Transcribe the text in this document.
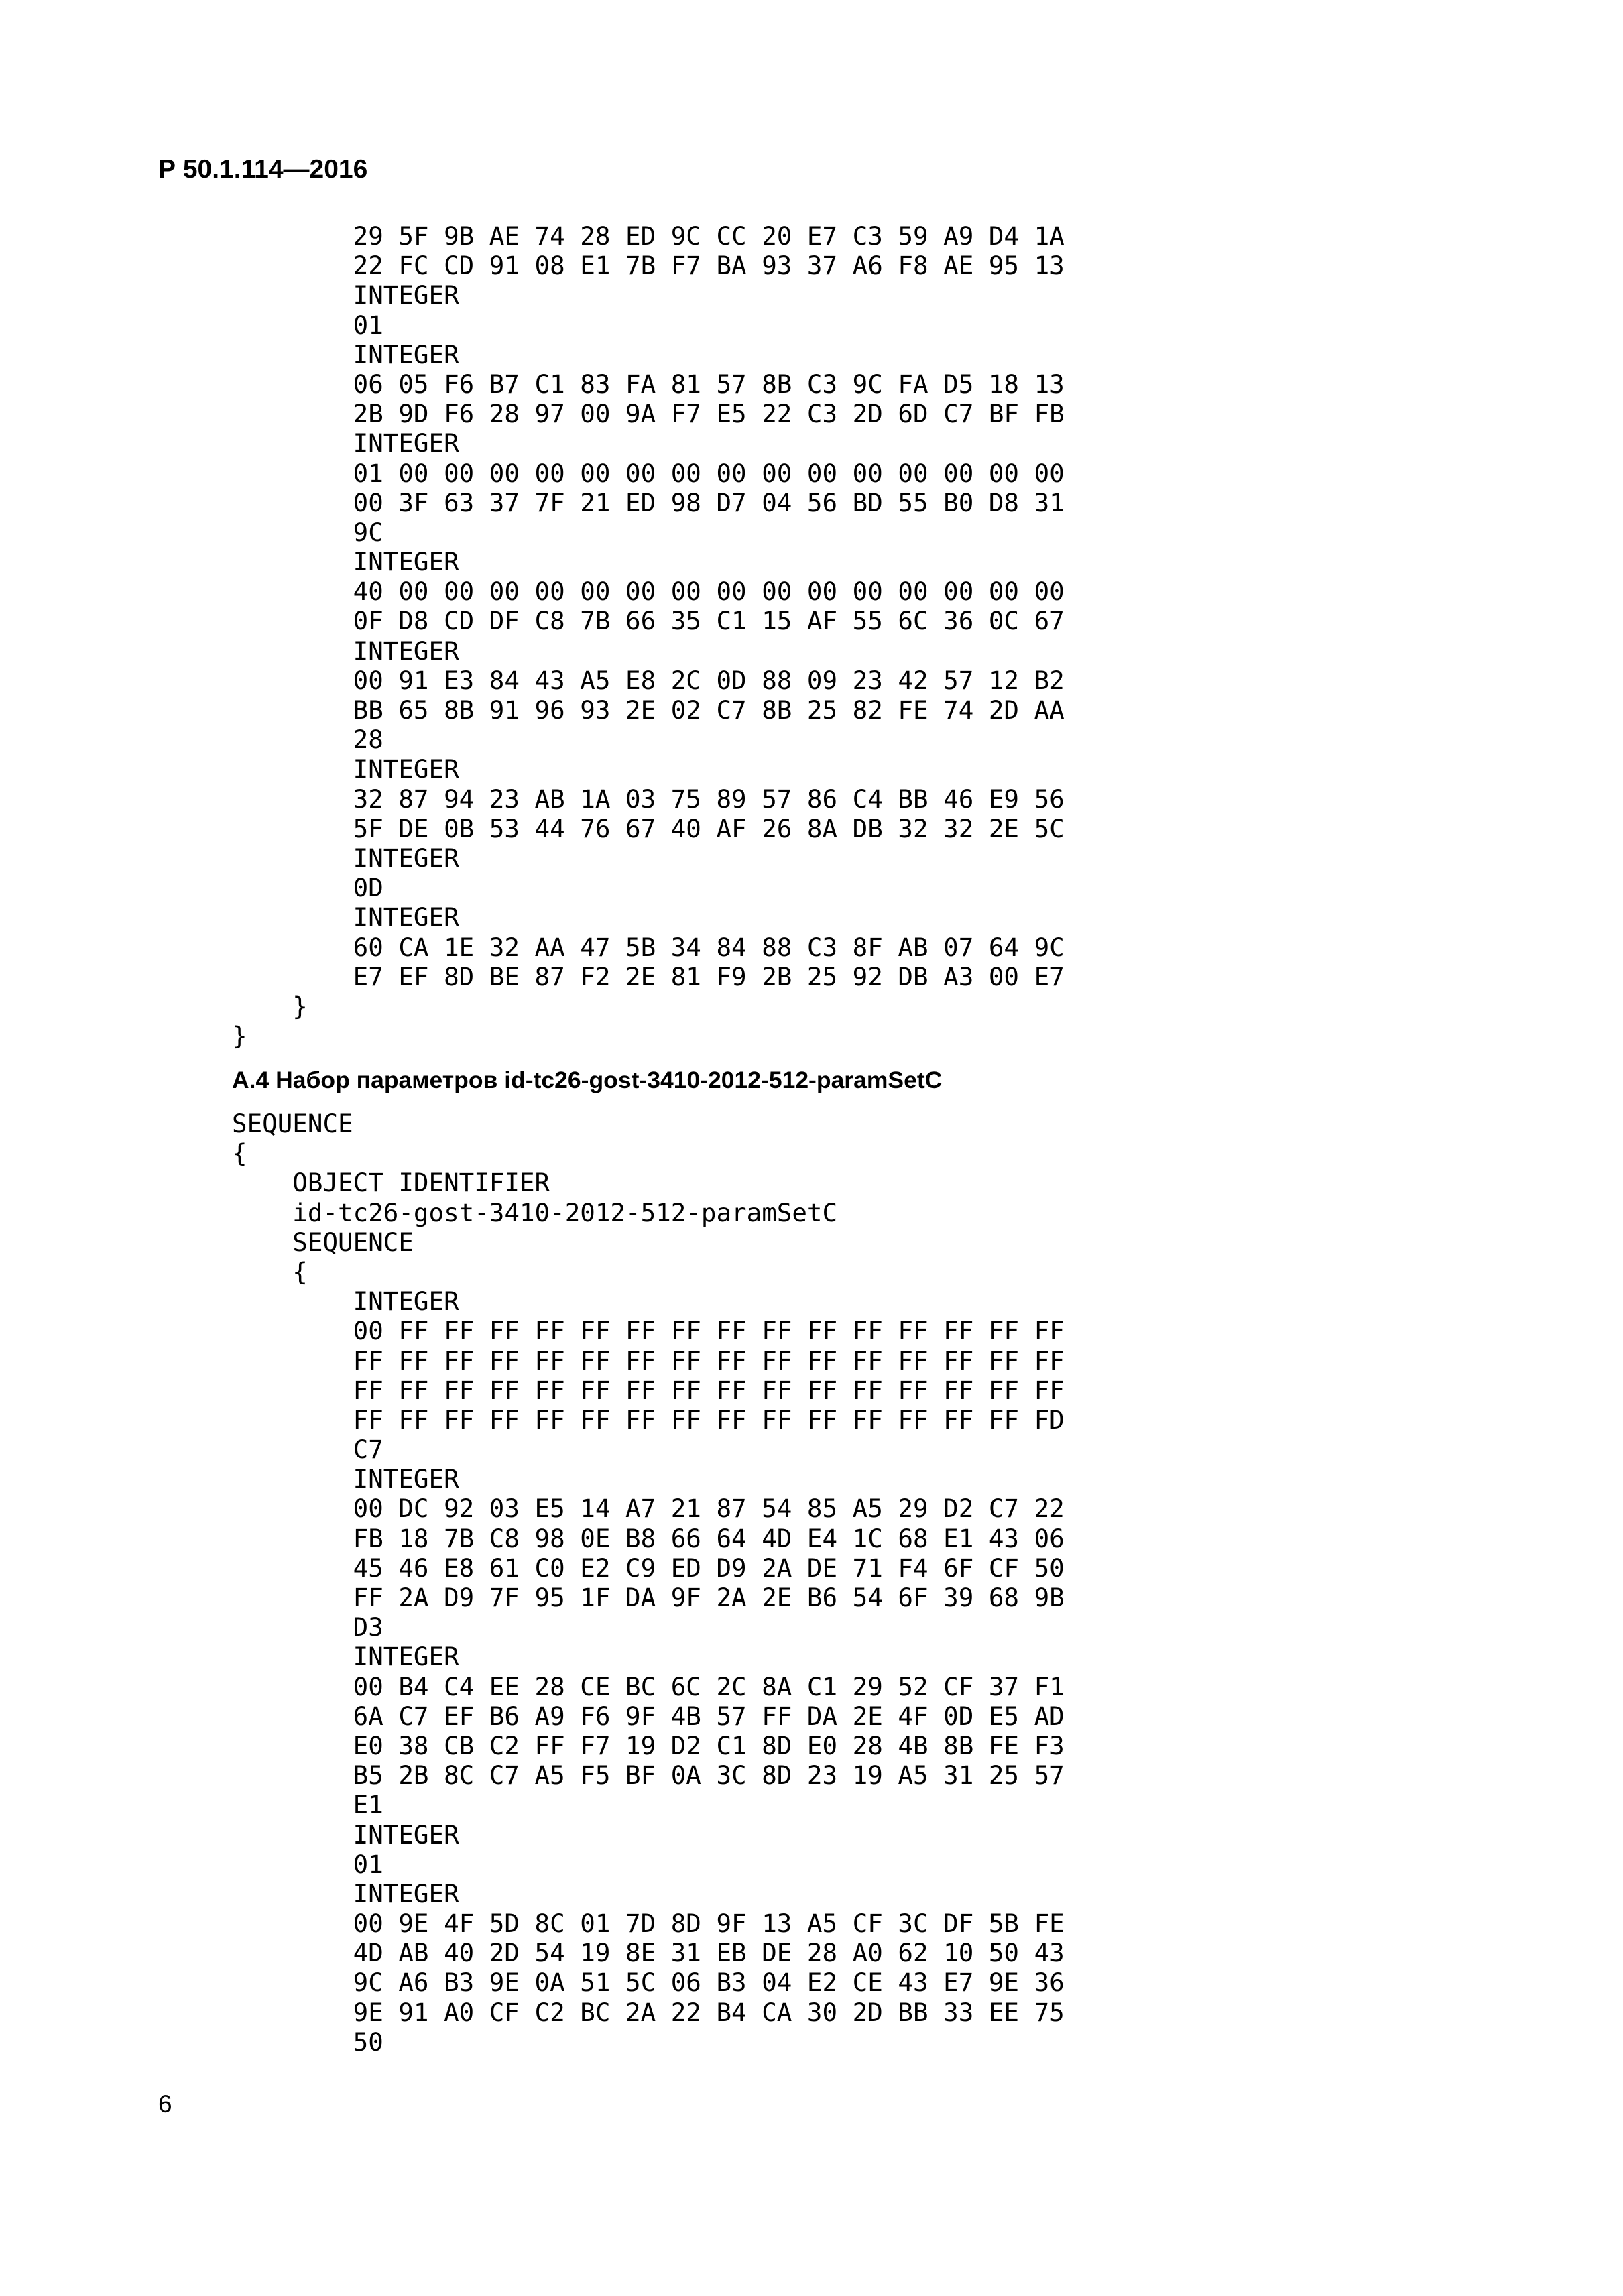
Р 50.1.114—2016
29 5F 9B AE 74 28 ED 9C CC 20 E7 C3 59 A9 D4 1A
22 FC CD 91 08 E1 7B F7 BA 93 37 A6 F8 AE 95 13
INTEGER
01
INTEGER
06 05 F6 B7 C1 83 FA 81 57 8B C3 9C FA D5 18 13
2B 9D F6 28 97 00 9A F7 E5 22 C3 2D 6D C7 BF FB
INTEGER
01 00 00 00 00 00 00 00 00 00 00 00 00 00 00 00
00 3F 63 37 7F 21 ED 98 D7 04 56 BD 55 B0 D8 31
9C
INTEGER
40 00 00 00 00 00 00 00 00 00 00 00 00 00 00 00
0F D8 CD DF C8 7B 66 35 C1 15 AF 55 6C 36 0C 67
INTEGER
00 91 E3 84 43 A5 E8 2C 0D 88 09 23 42 57 12 B2
BB 65 8B 91 96 93 2E 02 C7 8B 25 82 FE 74 2D AA
28
INTEGER
32 87 94 23 AB 1A 03 75 89 57 86 C4 BB 46 E9 56
5F DE 0B 53 44 76 67 40 AF 26 8A DB 32 32 2E 5C
INTEGER
0D
INTEGER
60 CA 1E 32 AA 47 5B 34 84 88 C3 8F AB 07 64 9C
E7 EF 8D BE 87 F2 2E 81 F9 2B 25 92 DB A3 00 E7
}
}
А.4 Набор параметров id-tc26-gost-3410-2012-512-paramSetC
SEQUENCE
{
OBJECT IDENTIFIER
id-tc26-gost-3410-2012-512-paramSetC
SEQUENCE
{
INTEGER
00 FF FF FF FF FF FF FF FF FF FF FF FF FF FF FF
FF FF FF FF FF FF FF FF FF FF FF FF FF FF FF FF
FF FF FF FF FF FF FF FF FF FF FF FF FF FF FF FF
FF FF FF FF FF FF FF FF FF FF FF FF FF FF FF FD
C7
INTEGER
00 DC 92 03 E5 14 A7 21 87 54 85 A5 29 D2 C7 22
FB 18 7B C8 98 0E B8 66 64 4D E4 1C 68 E1 43 06
45 46 E8 61 C0 E2 C9 ED D9 2A DE 71 F4 6F CF 50
FF 2A D9 7F 95 1F DA 9F 2A 2E B6 54 6F 39 68 9B
D3
INTEGER
00 B4 C4 EE 28 CE BC 6C 2C 8A C1 29 52 CF 37 F1
6A C7 EF B6 A9 F6 9F 4B 57 FF DA 2E 4F 0D E5 AD
E0 38 CB C2 FF F7 19 D2 C1 8D E0 28 4B 8B FE F3
B5 2B 8C C7 A5 F5 BF 0A 3C 8D 23 19 A5 31 25 57
E1
INTEGER
01
INTEGER
00 9E 4F 5D 8C 01 7D 8D 9F 13 A5 CF 3C DF 5B FE
4D AB 40 2D 54 19 8E 31 EB DE 28 A0 62 10 50 43
9C A6 B3 9E 0A 51 5C 06 B3 04 E2 CE 43 E7 9E 36
9E 91 A0 CF C2 BC 2A 22 B4 CA 30 2D BB 33 EE 75
50
6
